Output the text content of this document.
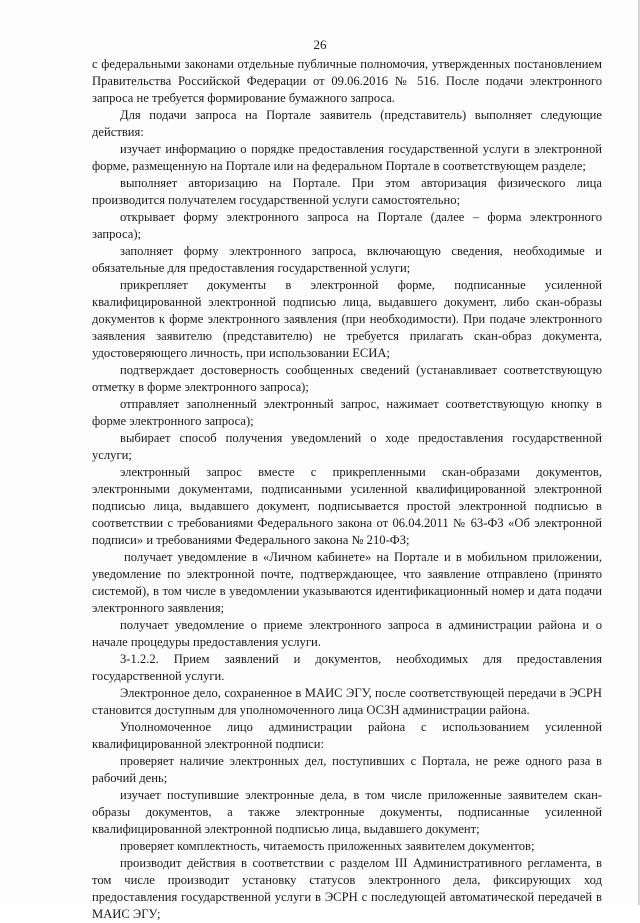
26

с федеральными законами отдельные публичные полномочия, утвержденных постановлением Правительства Российской Федерации от 09.06.2016 № 516. После подачи электронного запроса не требуется формирование бумажного запроса.

Для подачи запроса на Портале заявитель (представитель) выполняет следующие действия:

изучает информацию о порядке предоставления государственной услуги в электронной форме, размещенную на Портале или на федеральном Портале в соответствующем разделе;

выполняет авторизацию на Портале. При этом авторизация физического лица производится получателем государственной услуги самостоятельно;

открывает форму электронного запроса на Портале (далее – форма электронного запроса);

заполняет форму электронного запроса, включающую сведения, необходимые и обязательные для предоставления государственной услуги;

прикрепляет документы в электронной форме, подписанные усиленной квалифицированной электронной подписью лица, выдавшего документ, либо скан-образы документов к форме электронного заявления (при необходимости). При подаче электронного заявления заявителю (представителю) не требуется прилагать скан-образ документа, удостоверяющего личность, при использовании ЕСИА;

подтверждает достоверность сообщенных сведений (устанавливает соответствующую отметку в форме электронного запроса);

отправляет заполненный электронный запрос, нажимает соответствующую кнопку в форме электронного запроса);

выбирает способ получения уведомлений о ходе предоставления государственной услуги;

электронный запрос вместе с прикрепленными скан-образами документов, электронными документами, подписанными усиленной квалифицированной электронной подписью лица, выдавшего документ, подписывается простой электронной подписью в соответствии с требованиями Федерального закона от 06.04.2011 № 63-ФЗ «Об электронной подписи» и требованиями Федерального закона № 210-ФЗ;

получает уведомление в «Личном кабинете» на Портале и в мобильном приложении, уведомление по электронной почте, подтверждающее, что заявление отправлено (принято системой), в том числе в уведомлении указываются идентификационный номер и дата подачи электронного заявления;

получает уведомление о приеме электронного запроса в администрации района и о начале процедуры предоставления услуги.

3-1.2.2. Прием заявлений и документов, необходимых для предоставления государственной услуги.

Электронное дело, сохраненное в МАИС ЭГУ, после соответствующей передачи в ЭСРН становится доступным для уполномоченного лица ОСЗН администрации района.

Уполномоченное лицо администрации района с использованием усиленной квалифицированной электронной подписи:

проверяет наличие электронных дел, поступивших с Портала, не реже одного раза в рабочий день;

изучает поступившие электронные дела, в том числе приложенные заявителем скан-образы документов, а также электронные документы, подписанные усиленной квалифицированной электронной подписью лица, выдавшего документ;

проверяет комплектность, читаемость приложенных заявителем документов;

производит действия в соответствии с разделом III Административного регламента, в том числе производит установку статусов электронного дела, фиксирующих ход предоставления государственной услуги в ЭСРН с последующей автоматической передачей в МАИС ЭГУ;
